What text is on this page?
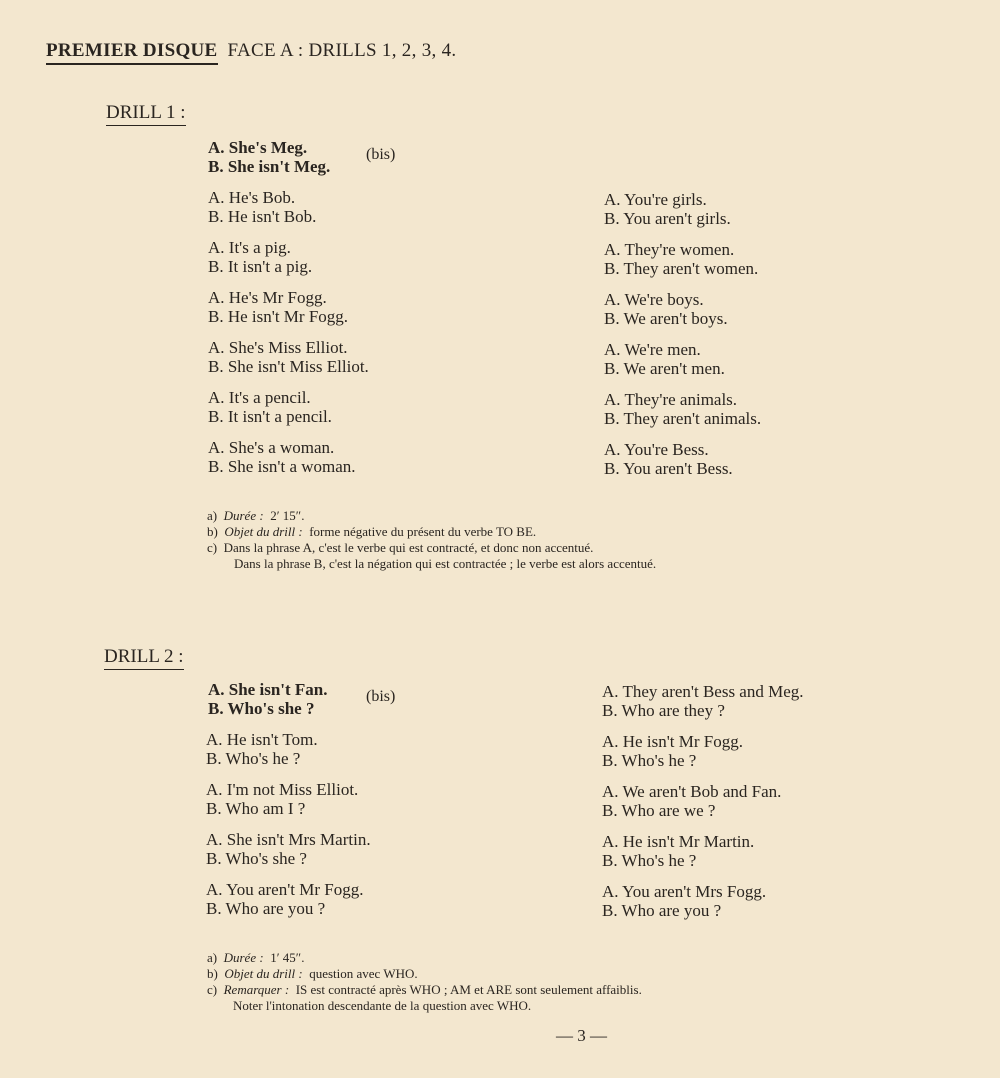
PREMIER DISQUE FACE A : DRILLS 1, 2, 3, 4.
DRILL 1 :
A. She's Meg.
B. She isn't Meg.
(bis)
A. He's Bob.
B. He isn't Bob.
A. It's a pig.
B. It isn't a pig.
A. He's Mr Fogg.
B. He isn't Mr Fogg.
A. She's Miss Elliot.
B. She isn't Miss Elliot.
A. It's a pencil.
B. It isn't a pencil.
A. She's a woman.
B. She isn't a woman.
A. You're girls.
B. You aren't girls.
A. They're women.
B. They aren't women.
A. We're boys.
B. We aren't boys.
A. We're men.
B. We aren't men.
A. They're animals.
B. They aren't animals.
A. You're Bess.
B. You aren't Bess.
a)  Durée : 2′ 15″.
b)  Objet du drill : forme négative du présent du verbe TO BE.
c)  Dans la phrase A, c'est le verbe qui est contracté, et donc non accentué.
Dans la phrase B, c'est la négation qui est contractée ; le verbe est alors accentué.
DRILL 2 :
A. She isn't Fan.
B. Who's she ?
(bis)
A. He isn't Tom.
B. Who's he ?
A. I'm not Miss Elliot.
B. Who am I ?
A. She isn't Mrs Martin.
B. Who's she ?
A. You aren't Mr Fogg.
B. Who are you ?
A. They aren't Bess and Meg.
B. Who are they ?
A. He isn't Mr Fogg.
B. Who's he ?
A. We aren't Bob and Fan.
B. Who are we ?
A. He isn't Mr Martin.
B. Who's he ?
A. You aren't Mrs Fogg.
B. Who are you ?
a)  Durée : 1′ 45″.
b)  Objet du drill : question avec WHO.
c)  Remarquer : IS est contracté après WHO ; AM et ARE sont seulement affaiblis.
Noter l'intonation descendante de la question avec WHO.
— 3 —
